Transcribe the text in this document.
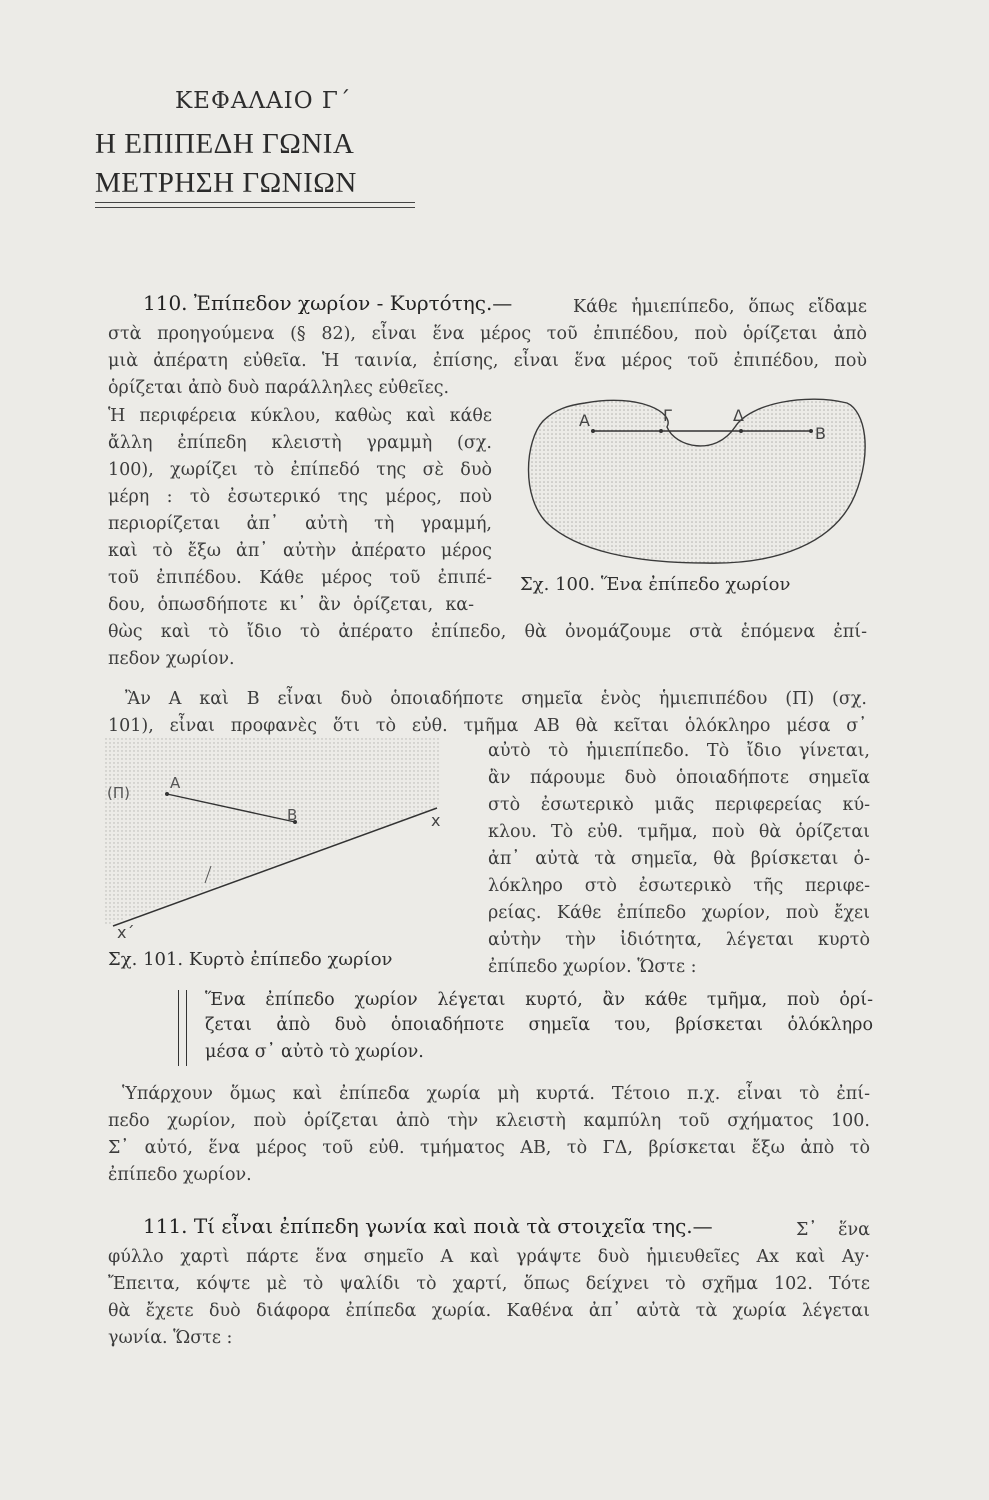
ΚΕΦΑΛΑΙΟ Γ΄
Η ΕΠΙΠΕΔΗ ΓΩΝΙΑ
ΜΕΤΡΗΣΗ ΓΩΝΙΩΝ
110. Ἐπίπεδον χωρίον - Κυρτότης.—	Κάθε ἡμιεπίπεδο, ὅπως εἴδαμε
στὰ προηγούμενα (§ 82), εἶναι ἕνα μέρος τοῦ ἐπιπέδου, ποὺ ὁρίζεται ἀπὸ
μιὰ ἀπέρατη εὐθεῖα. Ἡ ταινία, ἐπίσης, εἶναι ἕνα μέρος τοῦ ἐπιπέδου, ποὺ
ὁρίζεται ἀπὸ δυὸ παράλληλες εὐθεῖες.
Ἡ περιφέρεια κύκλου, καθὼς καὶ κάθε
ἄλλη ἐπίπεδη κλειστὴ γραμμὴ (σχ.
100), χωρίζει τὸ ἐπίπεδό της σὲ δυὸ
μέρη : τὸ ἐσωτερικό της μέρος, ποὺ
περιορίζεται ἀπ᾽ αὐτὴ τὴ γραμμή,
καὶ τὸ ἔξω ἀπ᾽ αὐτὴν ἀπέρατο μέρος
τοῦ ἐπιπέδου. Κάθε μέρος τοῦ ἐπιπέ-
δου, ὁπωσδήποτε κι᾽ ἂν ὁρίζεται, κα-
θὼς καὶ τὸ ἴδιο τὸ ἀπέρατο ἐπίπεδο, θὰ ὀνομάζουμε στὰ ἑπόμενα ἐπί-
πεδον χωρίον.
Α	Γ	Δ
Β
Σχ. 100. Ἕνα ἐπίπεδο χωρίον
Ἂν Α καὶ Β εἶναι δυὸ ὁποιαδήποτε σημεῖα ἑνὸς ἡμιεπιπέδου (Π) (σχ.
101), εἶναι προφανὲς ὅτι τὸ εὐθ. τμῆμα ΑΒ θὰ κεῖται ὁλόκληρο μέσα σ᾽
(Π)
Α
Β	x
x΄
Σχ. 101. Κυρτὸ ἐπίπεδο χωρίον
αὐτὸ τὸ ἡμιεπίπεδο. Τὸ ἴδιο γίνεται,
ἂν πάρουμε δυὸ ὁποιαδήποτε σημεῖα
στὸ ἐσωτερικὸ μιᾶς περιφερείας κύ-
κλου. Τὸ εὐθ. τμῆμα, ποὺ θὰ ὁρίζεται
ἀπ᾽ αὐτὰ τὰ σημεῖα, θὰ βρίσκεται ὁ-
λόκληρο στὸ ἐσωτερικὸ τῆς περιφε-
ρείας. Κάθε ἐπίπεδο χωρίον, ποὺ ἔχει
αὐτὴν τὴν ἰδιότητα, λέγεται κυρτὸ
ἐπίπεδο χωρίον. Ὥστε :
Ἕνα ἐπίπεδο χωρίον λέγεται κυρτό, ἂν κάθε τμῆμα, ποὺ ὁρί-
ζεται ἀπὸ δυὸ ὁποιαδήποτε σημεῖα του, βρίσκεται ὁλόκληρο
μέσα σ᾽ αὐτὸ τὸ χωρίον.
Ὑπάρχουν ὅμως καὶ ἐπίπεδα χωρία μὴ κυρτά. Τέτοιο π.χ. εἶναι τὸ ἐπί-
πεδο χωρίον, ποὺ ὁρίζεται ἀπὸ τὴν κλειστὴ καμπύλη τοῦ σχήματος 100.
Σ᾽ αὐτό, ἕνα μέρος τοῦ εὐθ. τμήματος ΑΒ, τὸ ΓΔ, βρίσκεται ἔξω ἀπὸ τὸ
ἐπίπεδο χωρίον.
111. Τί εἶναι ἐπίπεδη γωνία καὶ ποιὰ τὰ στοιχεῖα της.—	Σ᾽ ἕνα
φύλλο χαρτὶ πάρτε ἕνα σημεῖο Α καὶ γράψτε δυὸ ἡμιευθεῖες Αx καὶ Αy·
Ἔπειτα, κόψτε μὲ τὸ ψαλίδι τὸ χαρτί, ὅπως δείχνει τὸ σχῆμα 102. Τότε
θὰ ἔχετε δυὸ διάφορα ἐπίπεδα χωρία. Καθένα ἀπ᾽ αὐτὰ τὰ χωρία λέγεται
γωνία. Ὥστε :
